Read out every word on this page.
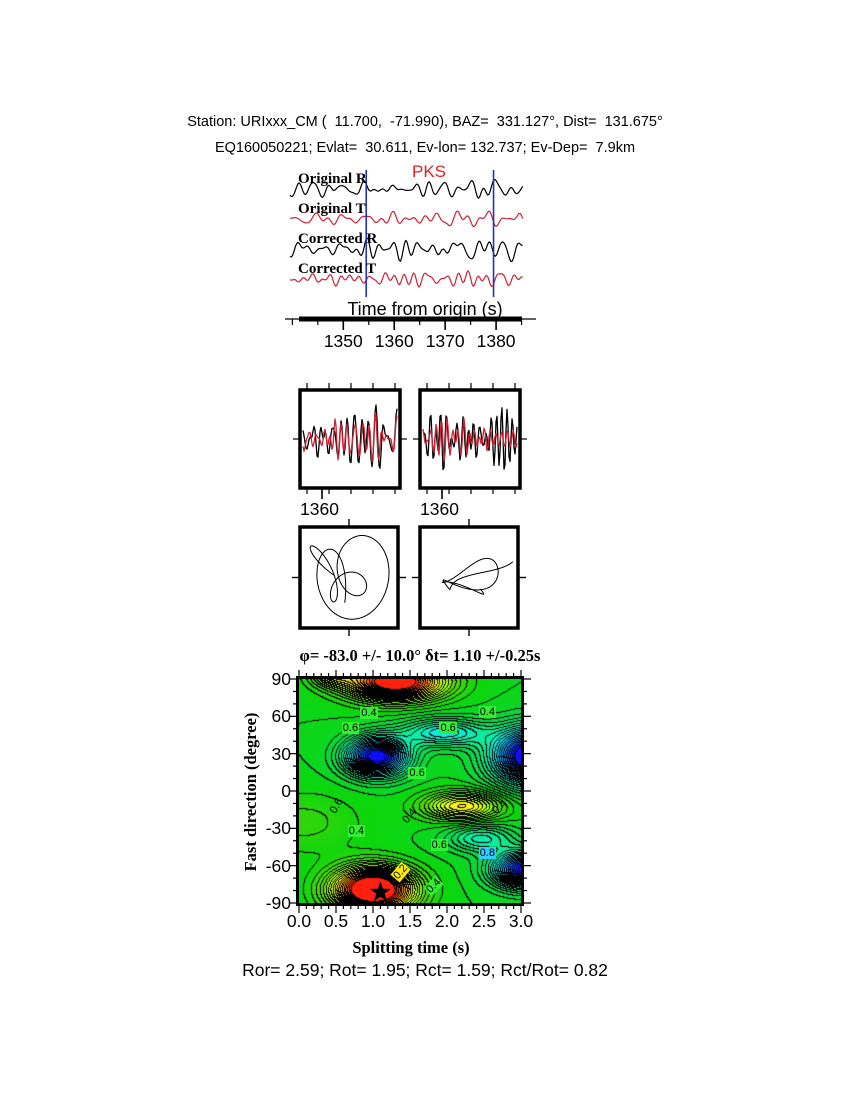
Station: URIxxx_CM (  11.700,  -71.990), BAZ=  331.127°, Dist=  131.675°
EQ160050221; Evlat=  30.611, Ev-lon= 132.737; Ev-Dep=  7.9km
PKS
Original R
Original T
Corrected R
Corrected T
Time from origin (s)
1350 1360 1370 1380
1360	1360
φ= -83.0 +/- 10.0° δt= 1.10 +/-0.25s
Fast direction (degree)
90
60
30
0
-30
-60
-90
0.0 0.5 1.0 1.5 2.0 2.5 3.0
Splitting time (s)
0.4	0.4
0.6	0.6
0.8
0.6
0.6
0.4	0.4
0.4
0.6
0.8
0.2
0.4
Ror= 2.59; Rot= 1.95; Rct= 1.59; Rct/Rot= 0.82
